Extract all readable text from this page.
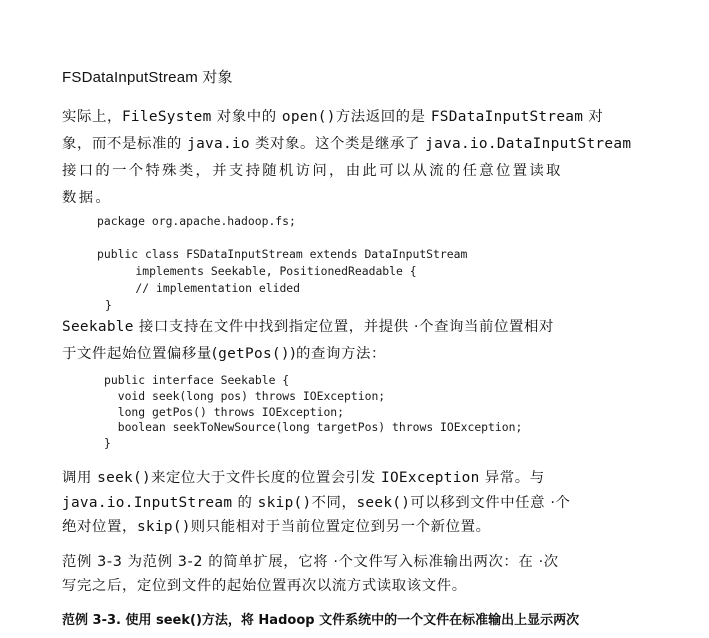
FSDataInputStream 对象
实际上，FileSystem 对象中的 open()方法返回的是 FSDataInputStream 对
象，而不是标准的 java.io 类对象。这个类是继承了 java.io.DataInputStream
接口的一个特殊类，并支持随机访问，由此可以从流的任意位置读取
数据。
package org.apache.hadoop.fs;
public class FSDataInputStream extends DataInputStream
implements Seekable, PositionedReadable {
// implementation elided
}
Seekable 接口支持在文件中找到指定位置，并提供 ·个查询当前位置相对
于文件起始位置偏移量(getPos())的查询方法：
public interface Seekable {
void seek(long pos) throws IOException;
long getPos() throws IOException;
boolean seekToNewSource(long targetPos) throws IOException;
}
调用 seek()来定位大于文件长度的位置会引发 IOException 异常。与
java.io.InputStream 的 skip()不同，seek()可以移到文件中任意 ·个
绝对位置，skip()则只能相对于当前位置定位到另一个新位置。
范例 3-3 为范例 3-2 的简单扩展，它将 ·个文件写入标准输出两次：在 ·次
写完之后，定位到文件的起始位置再次以流方式读取该文件。
范例 3-3. 使用 seek()方法，将 Hadoop 文件系统中的一个文件在标准输出上显示两次
